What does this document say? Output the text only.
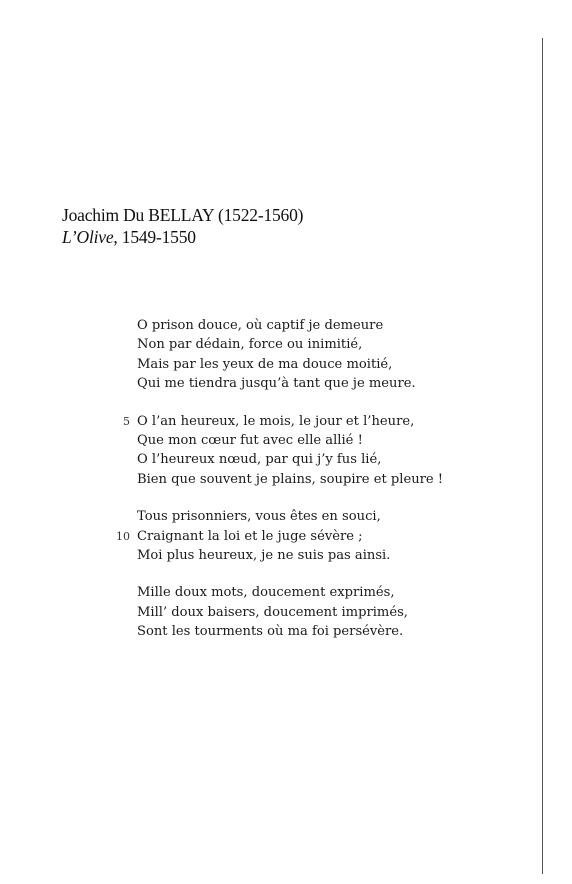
Joachim Du BELLAY (1522-1560)
L’Olive, 1549-1550
O prison douce, où captif je demeure
Non par dédain, force ou inimitié,
Mais par les yeux de ma douce moitié,
Qui me tiendra jusqu’à tant que je meure.
5 O l’an heureux, le mois, le jour et l’heure,
Que mon cœur fut avec elle allié !
O l’heureux nœud, par qui j’y fus lié,
Bien que souvent je plains, soupire et pleure !
Tous prisonniers, vous êtes en souci,
10 Craignant la loi et le juge sévère ;
Moi plus heureux, je ne suis pas ainsi.
Mille doux mots, doucement exprimés,
Mill’ doux baisers, doucement imprimés,
Sont les tourments où ma foi persévère.
